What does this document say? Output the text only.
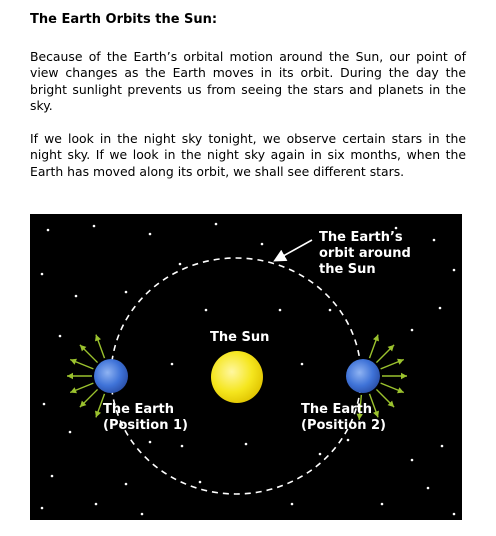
The Earth Orbits the Sun:

Because of the Earth’s orbital motion around the Sun, our point of view changes as the Earth moves in its orbit. During the day the bright sunlight prevents us from seeing the stars and planets in the sky.

If we look in the night sky tonight, we observe certain stars in the night sky. If we look in the night sky again in six months, when the Earth has moved along its orbit, we shall see different stars.

The Earth’s
orbit around
the Sun
The Sun
The Earth
(Position 1)
The Earth
(Position 2)
